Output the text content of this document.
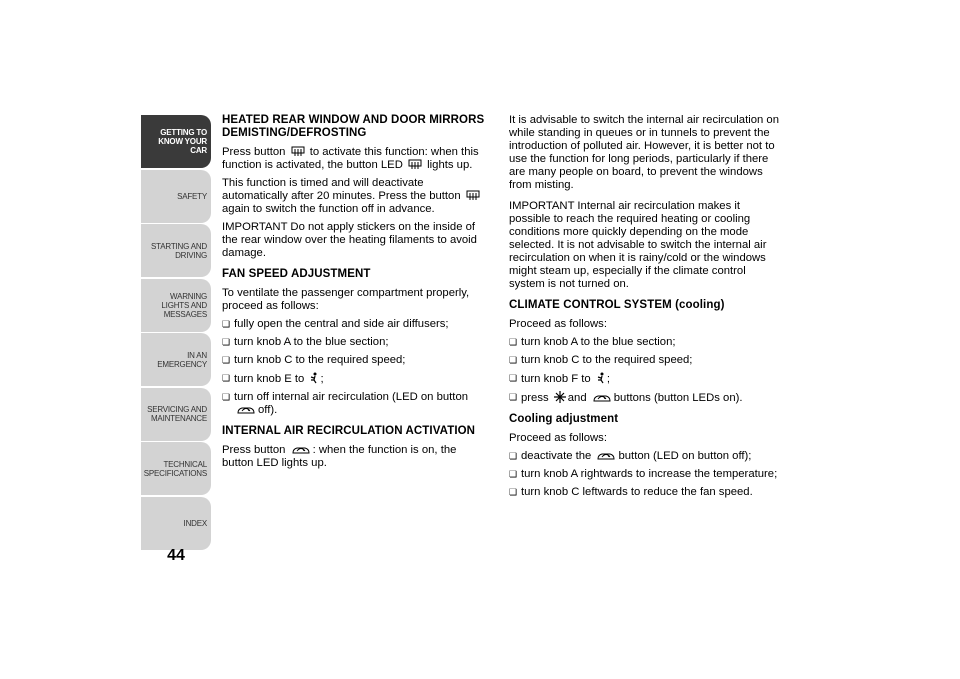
GETTING TO KNOW YOUR CAR
SAFETY
STARTING AND DRIVING
WARNING LIGHTS AND MESSAGES
IN AN EMERGENCY
SERVICING AND MAINTENANCE
TECHNICAL SPECIFICATIONS
INDEX
44
HEATED REAR WINDOW AND DOOR MIRRORS DEMISTING/DEFROSTING

Press button to activate this function: when this function is activated, the button LED lights up.

This function is timed and will deactivate automatically after 20 minutes. Press the button  again to switch the function off in advance.

IMPORTANT Do not apply stickers on the inside of the rear window over the heating filaments to avoid damage.

FAN SPEED ADJUSTMENT

To ventilate the passenger compartment properly, proceed as follows:

❏ fully open the central and side air diffusers;
❏ turn knob A to the blue section;
❏ turn knob C to the required speed;
❏ turn knob E to ;
❏ turn off internal air recirculation (LED on button
off).
INTERNAL AIR RECIRCULATION ACTIVATION

Press button : when the function is on, the button LED lights up.

It is advisable to switch the internal air recirculation on while standing in queues or in tunnels to prevent the introduction of polluted air. However, it is better not to use the function for long periods, particularly if there are many people on board, to prevent the windows from misting.

IMPORTANT Internal air recirculation makes it possible to reach the required heating or cooling conditions more quickly depending on the mode selected. It is not advisable to switch the internal air recirculation on when it is rainy/cold or the windows might steam up, especially if the climate control system is not turned on.

CLIMATE CONTROL SYSTEM (cooling)

Proceed as follows:

❏ turn knob A to the blue section;
❏ turn knob C to the required speed;
❏ turn knob F to ;
❏ press and buttons (button LEDs on).
Cooling adjustment

Proceed as follows:

❏ deactivate the button (LED on button off);
❏ turn knob A rightwards to increase the temperature;
❏ turn knob C leftwards to reduce the fan speed.
